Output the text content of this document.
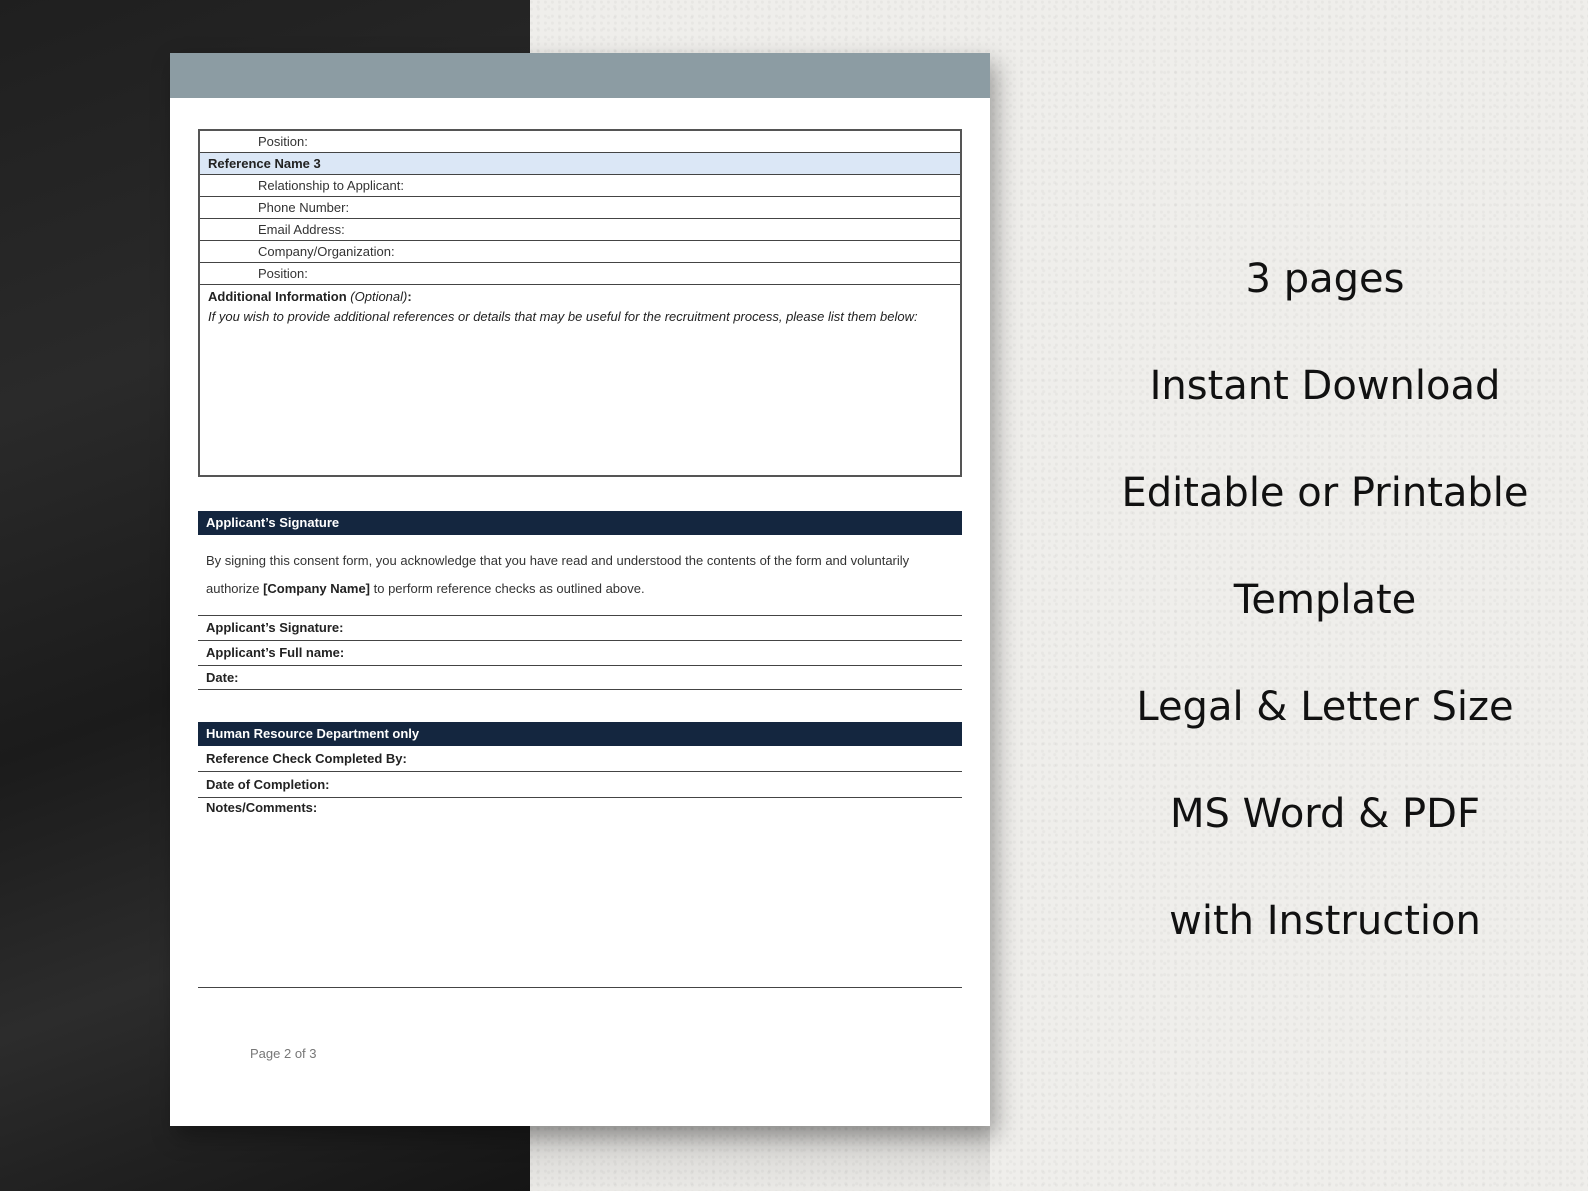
Position:
Reference Name 3
Relationship to Applicant:
Phone Number:
Email Address:
Company/Organization:
Position:
Additional Information (Optional):
If you wish to provide additional references or details that may be useful for the recruitment process, please list them below:
Applicant’s Signature
By signing this consent form, you acknowledge that you have read and understood the contents of the form and voluntarily authorize [Company Name] to perform reference checks as outlined above.
Applicant’s Signature:
Applicant’s Full name:
Date:
Human Resource Department only
Reference Check Completed By:
Date of Completion:
Notes/Comments:
Page 2 of 3
3 pages
Instant Download
Editable or Printable
Template
Legal & Letter Size
MS Word & PDF
with Instruction
